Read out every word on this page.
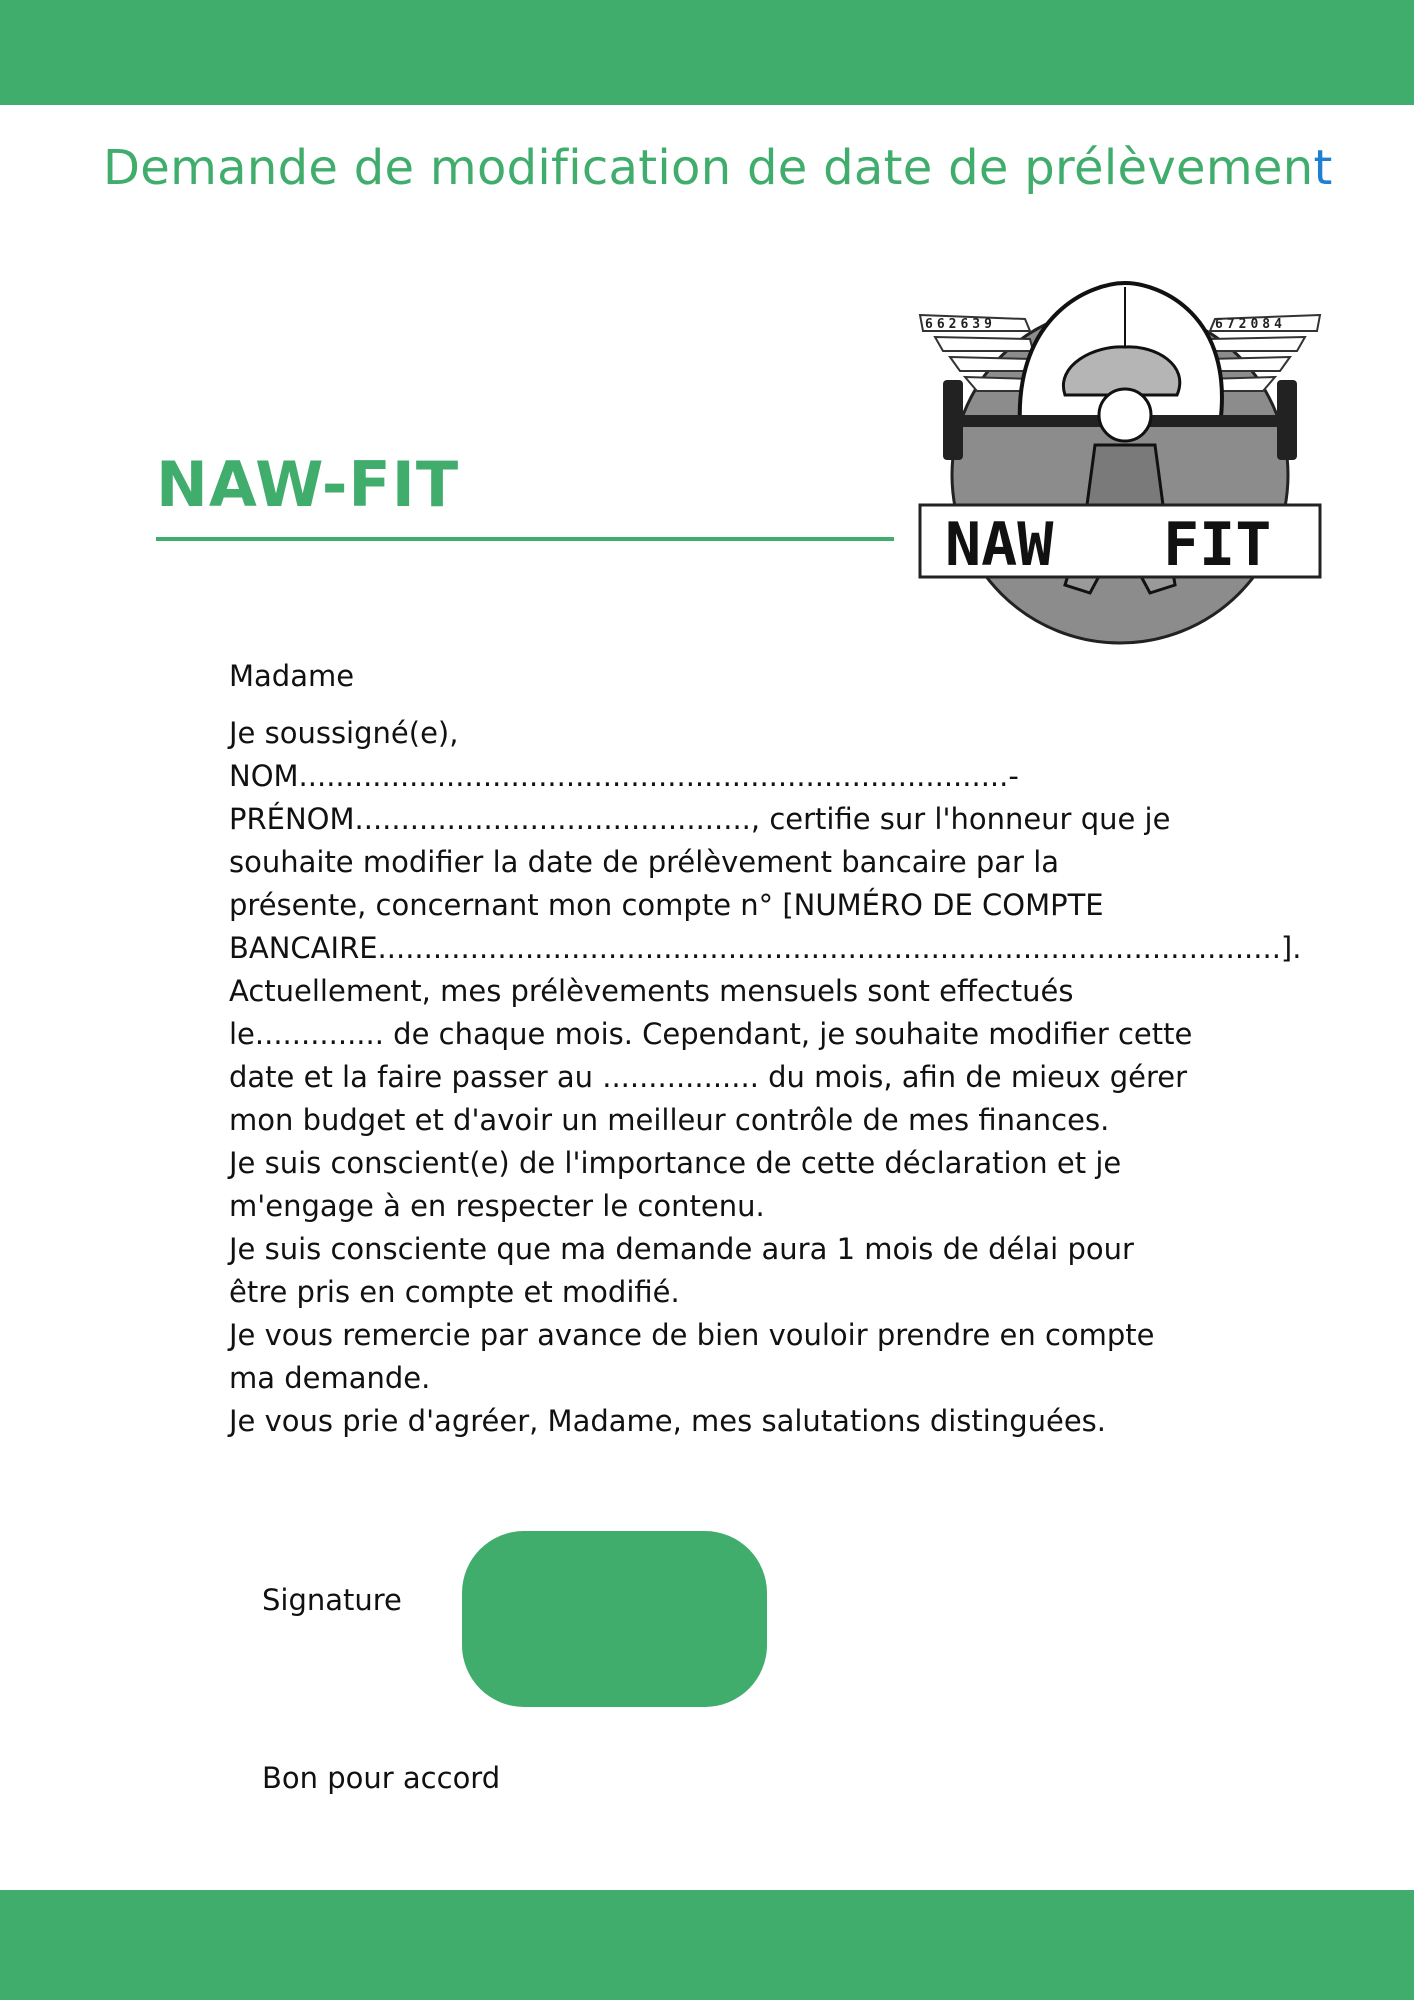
Demande de modification de date de prélèvement
NAW-FIT
662639	672084
NAW FIT

Madame

Je soussigné(e), NOM.............................................................................-
PRÉNOM..........................................., certifie sur l'honneur que je
souhaite modifier la date de prélèvement bancaire par la
présente, concernant mon compte n° [NUMÉRO DE COMPTE
BANCAIRE..................................................................................................].
Actuellement, mes prélèvements mensuels sont effectués
le.............. de chaque mois. Cependant, je souhaite modifier cette
date et la faire passer au ................. du mois, afin de mieux gérer
mon budget et d'avoir un meilleur contrôle de mes finances.
Je suis conscient(e) de l'importance de cette déclaration et je
m'engage à en respecter le contenu.
Je suis consciente que ma demande aura 1 mois de délai pour
être pris en compte et modifié.
Je vous remercie par avance de bien vouloir prendre en compte
ma demande.
Je vous prie d'agréer, Madame, mes salutations distinguées.

Signature
Bon pour accord
